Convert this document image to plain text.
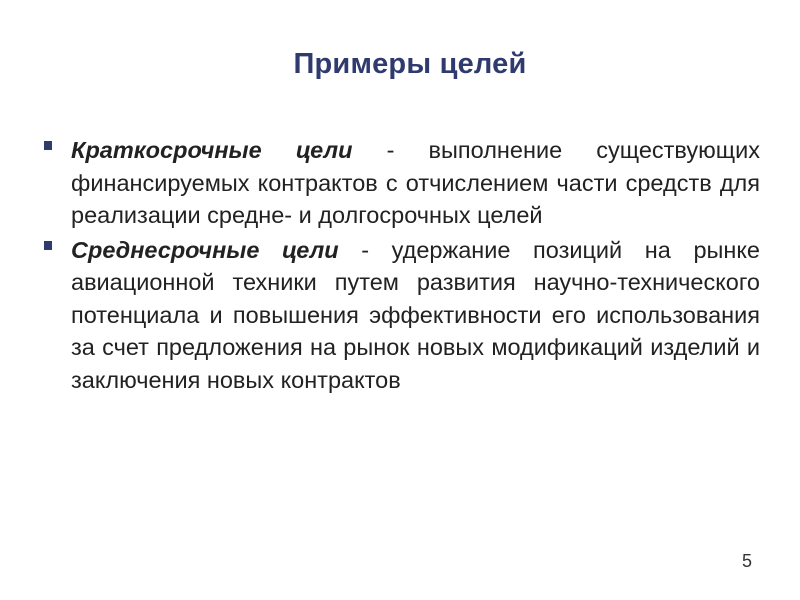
Примеры целей
Краткосрочные цели - выполнение существующих финансируемых контрактов с отчислением части средств для реализации средне- и долгосрочных целей
Среднесрочные цели - удержание позиций на рынке авиационной техники путем развития научно-технического потенциала и повышения эффективности его использования за счет предложения на рынок новых модификаций изделий и заключения новых контрактов
5
